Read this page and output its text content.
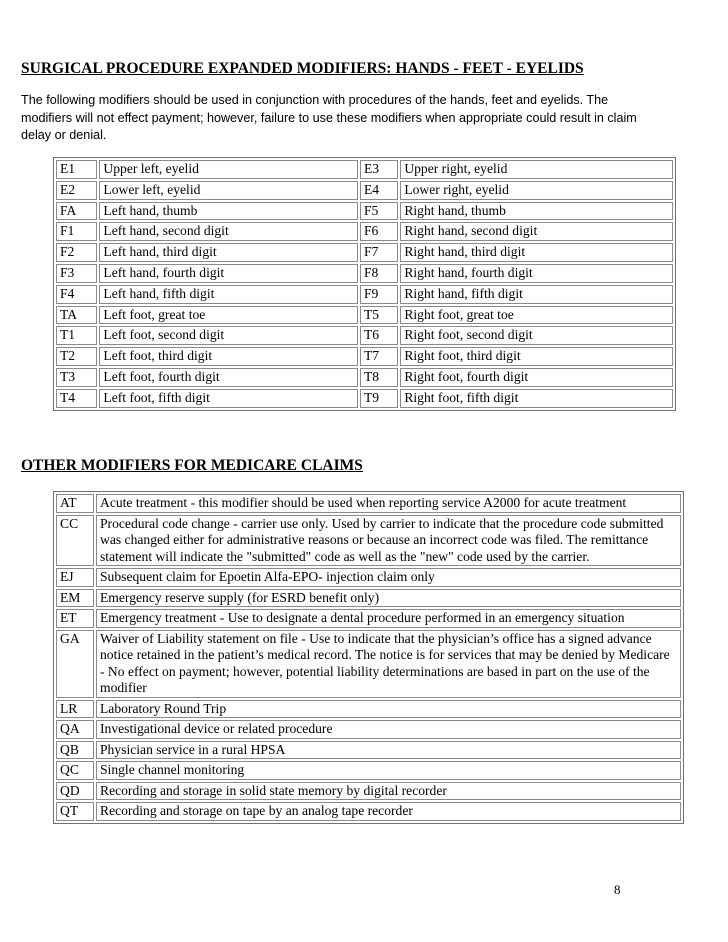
SURGICAL PROCEDURE EXPANDED MODIFIERS: HANDS - FEET - EYELIDS

The following modifiers should be used in conjunction with procedures of the hands, feet and eyelids. The modifiers will not effect payment; however, failure to use these modifiers when appropriate could result in claim delay or denial.

E1	Upper left, eyelid	E3	Upper right, eyelid
E2	Lower left, eyelid	E4	Lower right, eyelid
FA	Left hand, thumb	F5	Right hand, thumb
F1	Left hand, second digit	F6	Right hand, second digit
F2	Left hand, third digit	F7	Right hand, third digit
F3	Left hand, fourth digit	F8	Right hand, fourth digit
F4	Left hand, fifth digit	F9	Right hand, fifth digit
TA	Left foot, great toe	T5	Right foot, great toe
T1	Left foot, second digit	T6	Right foot, second digit
T2	Left foot, third digit	T7	Right foot, third digit
T3	Left foot, fourth digit	T8	Right foot, fourth digit
T4	Left foot, fifth digit	T9	Right foot, fifth digit
OTHER MODIFIERS FOR MEDICARE CLAIMS
AT	Acute treatment - this modifier should be used when reporting service A2000 for acute treatment

CC	Procedural code change - carrier use only. Used by carrier to indicate that the procedure code submitted was changed either for administrative reasons or because an incorrect code was filed. The remittance statement will indicate the "submitted" code as well as the "new" code used by the carrier.

EJ	Subsequent claim for Epoetin Alfa-EPO- injection claim only

EM	Emergency reserve supply (for ESRD benefit only)

ET	Emergency treatment - Use to designate a dental procedure performed in an emergency situation

GA	Waiver of Liability statement on file - Use to indicate that the physician’s office has a signed advance notice retained in the patient’s medical record. The notice is for services that may be denied by Medicare
- No effect on payment; however, potential liability determinations are based in part on the use of the modifier

LR	Laboratory Round Trip

QA	Investigational device or related procedure

QB	Physician service in a rural HPSA

QC	Single channel monitoring

QD	Recording and storage in solid state memory by digital recorder

QT	Recording and storage on tape by an analog tape recorder
8
